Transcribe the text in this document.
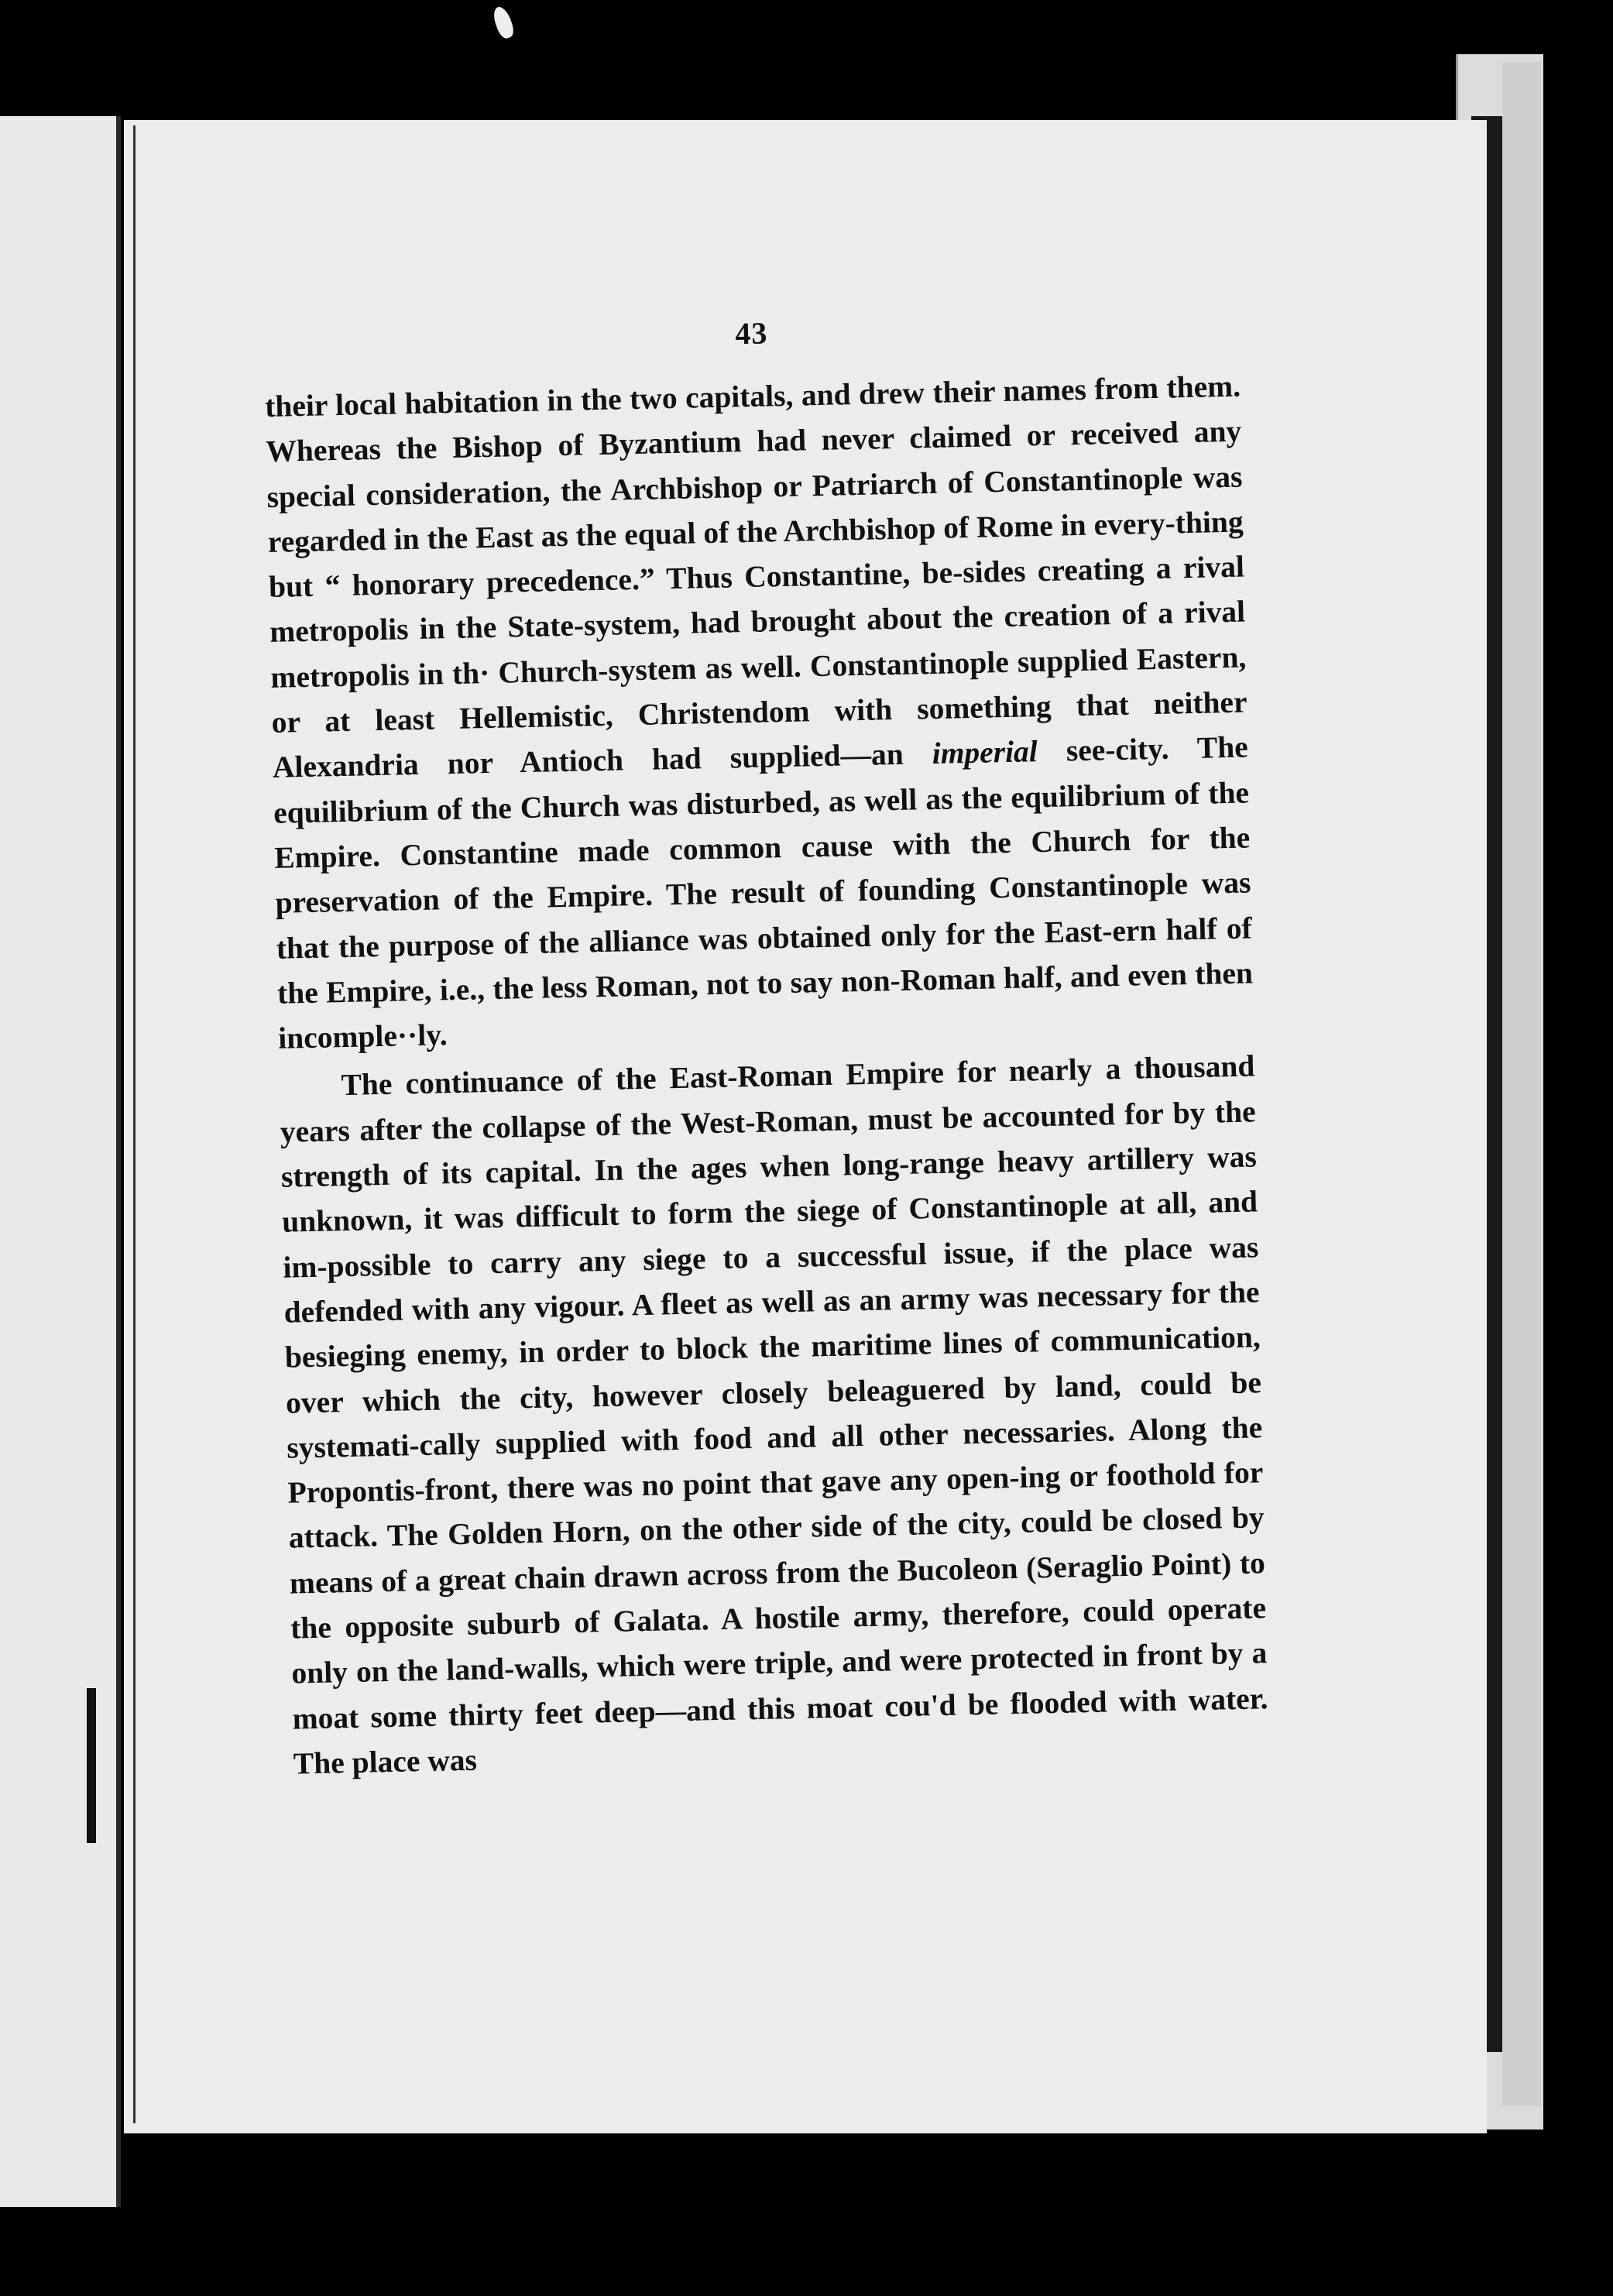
43

their local habitation in the two capitals, and drew their names from them. Whereas the Bishop of Byzantium had never claimed or received any special consideration, the Archbishop or Patriarch of Constantinople was regarded in the East as the equal of the Archbishop of Rome in every-thing but “ honorary precedence.” Thus Constantine, be-sides creating a rival metropolis in the State-system, had brought about the creation of a rival metropolis in th· Church-system as well. Constantinople supplied Eastern, or at least Hellemistic, Christendom with something that neither Alexandria nor Antioch had supplied—an imperial see-city. The equilibrium of the Church was disturbed, as well as the equilibrium of the Empire. Constantine made common cause with the Church for the preservation of the Empire. The result of founding Constantinople was that the purpose of the alliance was obtained only for the East-ern half of the Empire, i.e., the less Roman, not to say non-Roman half, and even then incomple··ly.

The continuance of the East-Roman Empire for nearly a thousand years after the collapse of the West-Roman, must be accounted for by the strength of its capital. In the ages when long-range heavy artillery was unknown, it was difficult to form the siege of Constantinople at all, and im-possible to carry any siege to a successful issue, if the place was defended with any vigour. A fleet as well as an army was necessary for the besieging enemy, in order to block the maritime lines of communication, over which the city, however closely beleaguered by land, could be systemati-cally supplied with food and all other necessaries. Along the Propontis-front, there was no point that gave any open-ing or foothold for attack. The Golden Horn, on the other side of the city, could be closed by means of a great chain drawn across from the Bucoleon (Seraglio Point) to the opposite suburb of Galata. A hostile army, therefore, could operate only on the land-walls, which were triple, and were protected in front by a moat some thirty feet deep—and this moat cou'd be flooded with water. The place was
